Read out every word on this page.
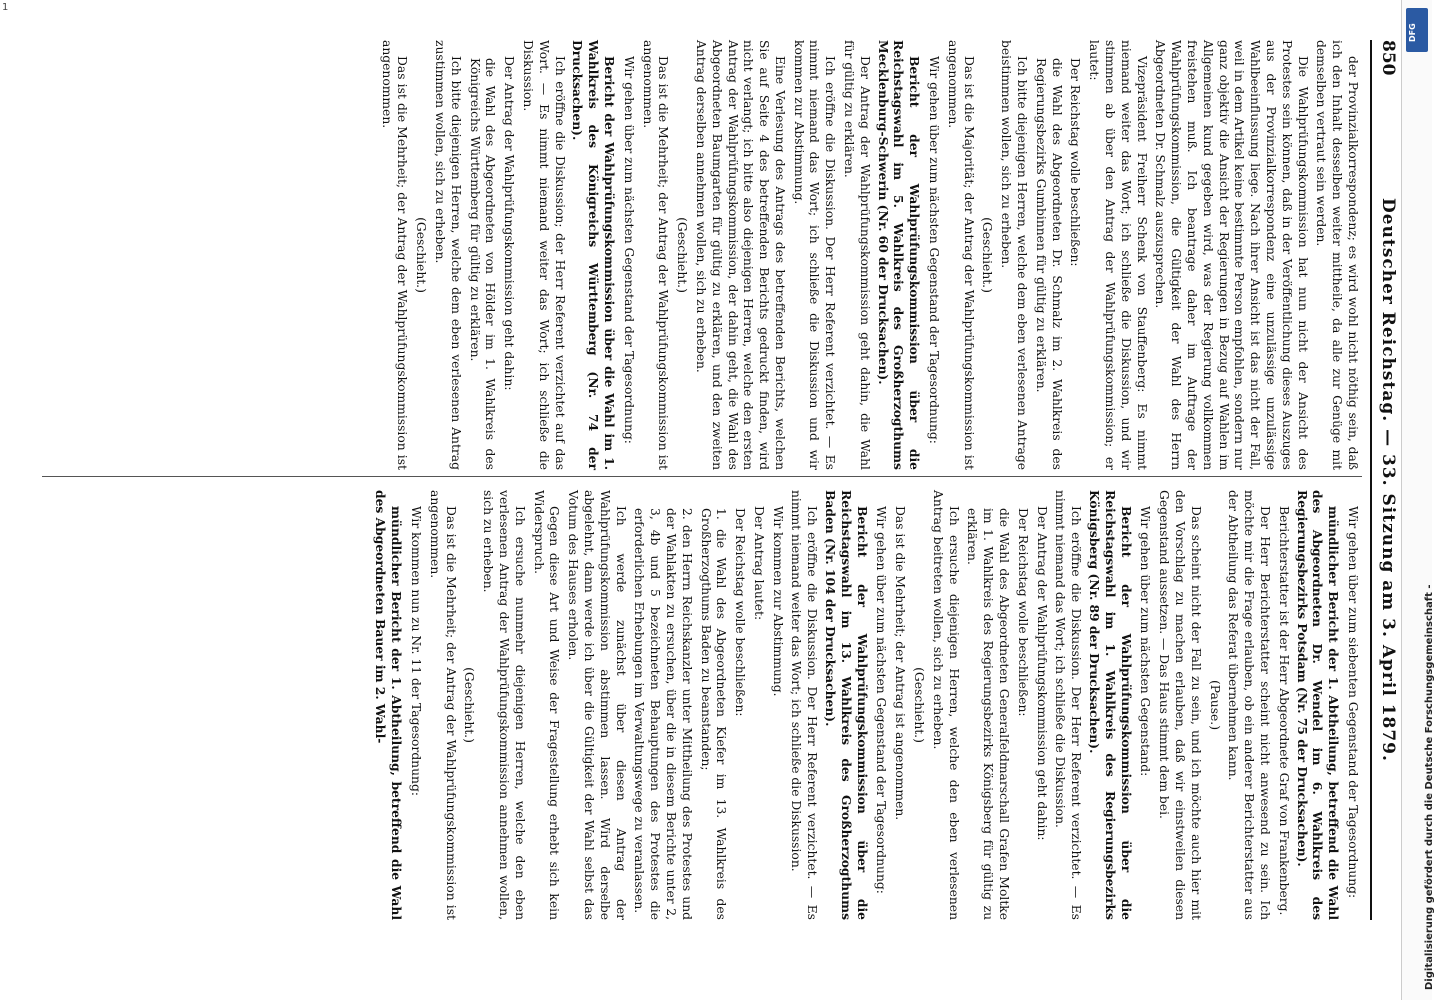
1
850
Deutscher Reichstag. — 33. Sitzung am 3. April 1879.

der Provinzialkorrespondenz; es wird wohl nicht nöthig sein, daß ich den Inhalt desselben weiter mittheile, da alle zur Genüge mit demselben vertraut sein werden.

Die Wahlprüfungskommission hat nun nicht der Ansicht des Protestes sein können, daß in der Veröffentlichung dieses Auszuges aus der Provinzialkorrespondenz eine unzulässige unzulässige Wahlbeeinflussung liege. Nach ihrer Ansicht ist das nicht der Fall, weil in dem Artikel keine bestimmte Person empfohlen, sondern nur ganz objektiv die Ansicht der Regierungen in Bezug auf Wahlen im Allgemeinen kund gegeben wird, was der Regierung vollkommen freistehen muß. Ich beantrage daher im Auftrage der Wahlprüfungskommission, die Gültigkeit der Wahl des Herrn Abgeordneten Dr. Schmalz auszusprechen.

Vizepräsident Freiherr Schenk von Stauffenberg: Es nimmt niemand weiter das Wort; ich schließe die Diskussion, und wir stimmen ab über den Antrag der Wahlprüfungskommission; er lautet:

Der Reichstag wolle beschließen:

die Wahl des Abgeordneten Dr. Schmalz im 2. Wahlkreis des Regierungsbezirks Gumbinnen für gültig zu erklären.

Ich bitte diejenigen Herren, welche dem eben verlesenen Antrage beistimmen wollen, sich zu erheben.

(Geschieht.)

Das ist die Majorität; der Antrag der Wahlprüfungskommission ist angenommen.

Wir gehen über zum nächsten Gegenstand der Tagesordnung:

Bericht der Wahlprüfungskommission über die Reichstagswahl im 5. Wahlkreis des Großherzogthums Mecklenburg-Schwerin (Nr. 60 der Drucksachen).

Der Antrag der Wahlprüfungskommission geht dahin, die Wahl für gültig zu erklären.

Ich eröffne die Diskussion. Der Herr Referent verzichtet. — Es nimmt niemand das Wort; ich schließe die Diskussion und wir kommen zur Abstimmung.

Eine Verlesung des Antrags des betreffenden Berichts, welchen Sie auf Seite 4 des betreffenden Berichts gedruckt finden, wird nicht verlangt; ich bitte also diejenigen Herren, welche den ersten Antrag der Wahlprüfungskommission, der dahin geht, die Wahl des Abgeordneten Baumgarten für gültig zu erklären, und den zweiten Antrag derselben annehmen wollen, sich zu erheben.

(Geschieht.)

Das ist die Mehrheit; der Antrag der Wahlprüfungskommission ist angenommen.

Wir gehen über zum nächsten Gegenstand der Tagesordnung:

Bericht der Wahlprüfungskommission über die Wahl im 1. Wahlkreis des Königreichs Württemberg (Nr. 74 der Drucksachen).

Ich eröffne die Diskussion; der Herr Referent verzichtet auf das Wort. — Es nimmt niemand weiter das Wort; ich schließe die Diskussion.

Der Antrag der Wahlprüfungskommission geht dahin:

die Wahl des Abgeordneten von Hölder im 1. Wahlkreis des Königreichs Württemberg für gültig zu erklären.

Ich bitte diejenigen Herren, welche dem eben verlesenen Antrag zustimmen wollen, sich zu erheben.

(Geschieht.)

Das ist die Mehrheit; der Antrag der Wahlprüfungskommission ist angenommen.

Wir gehen über zum siebenten Gegenstand der Tagesordnung:

mündlicher Bericht der 1. Abtheilung, betreffend die Wahl des Abgeordneten Dr. Wendel im 6. Wahlkreis des Regierungsbezirks Potsdam (Nr. 75 der Drucksachen).

Berichterstatter ist der Herr Abgeordnete Graf von Frankenberg.

Der Herr Berichterstatter scheint nicht anwesend zu sein. Ich möchte mir die Frage erlauben, ob ein anderer Berichterstatter aus der Abtheilung das Referat übernehmen kann.

(Pause.)

Das scheint nicht der Fall zu sein, und ich möchte auch hier mit den Vorschlag zu machen erlauben, daß wir einstweilen diesen Gegenstand aussetzen. — Das Haus stimmt dem bei.

Wir gehen über zum nächsten Gegenstand:

Bericht der Wahlprüfungskommission über die Reichstagswahl im 1. Wahlkreis des Regierungsbezirks Königsberg (Nr. 89 der Drucksachen).

Ich eröffne die Diskussion. Der Herr Referent verzichtet. — Es nimmt niemand das Wort; ich schließe die Diskussion.

Der Antrag der Wahlprüfungskommission geht dahin:

Der Reichstag wolle beschließen:

die Wahl des Abgeordneten Generalfeldmarschall Grafen Moltke im 1. Wahlkreis des Regierungsbezirks Königsberg für gültig zu erklären.

Ich ersuche diejenigen Herren, welche den eben verlesenen Antrag beitreten wollen, sich zu erheben.

(Geschieht.)

Das ist die Mehrheit; der Antrag ist angenommen.

Wir gehen über zum nächsten Gegenstand der Tagesordnung:

Bericht der Wahlprüfungskommission über die Reichstagswahl im 13. Wahlkreis des Großherzogthums Baden (Nr. 104 der Drucksachen).

Ich eröffne die Diskussion. Der Herr Referent verzichtet. — Es nimmt niemand weiter das Wort; ich schließe die Diskussion.

Wir kommen zur Abstimmung.

Der Antrag lautet:

Der Reichstag wolle beschließen:

1. die Wahl des Abgeordneten Kiefer im 13. Wahlkreis des Großherzogthums Baden zu beanstanden;

2. den Herrn Reichskanzler unter Mittheilung des Protestes und der Wahlakten zu ersuchen, über die in diesem Berichte unter 2, 3, 4b und 5 bezeichneten Behauptungen des Protestes die erforderlichen Erhebungen im Verwaltungswege zu veranlassen.

Ich werde zunächst über diesen Antrag der Wahlprüfungskommission abstimmen lassen. Wird derselbe abgelehnt, dann werde ich über die Gültigkeit der Wahl selbst das Votum des Hauses erholen.

Gegen diese Art und Weise der Fragestellung erhebt sich kein Widerspruch.

Ich ersuche nunmehr diejenigen Herren, welche den eben verlesenen Antrag der Wahlprüfungskommission annehmen wollen, sich zu erheben.

(Geschieht.)

Das ist die Mehrheit; der Antrag der Wahlprüfungskommission ist angenommen.

Wir kommen nun zu Nr. 11 der Tagesordnung:

mündlicher Bericht der 1. Abtheilung, betreffend die Wahl des Abgeordneten Bauer im 2. Wahl-	Digitalisierung gefördert durch die Deutsche Forschungsgemeinschaft -
DFG
